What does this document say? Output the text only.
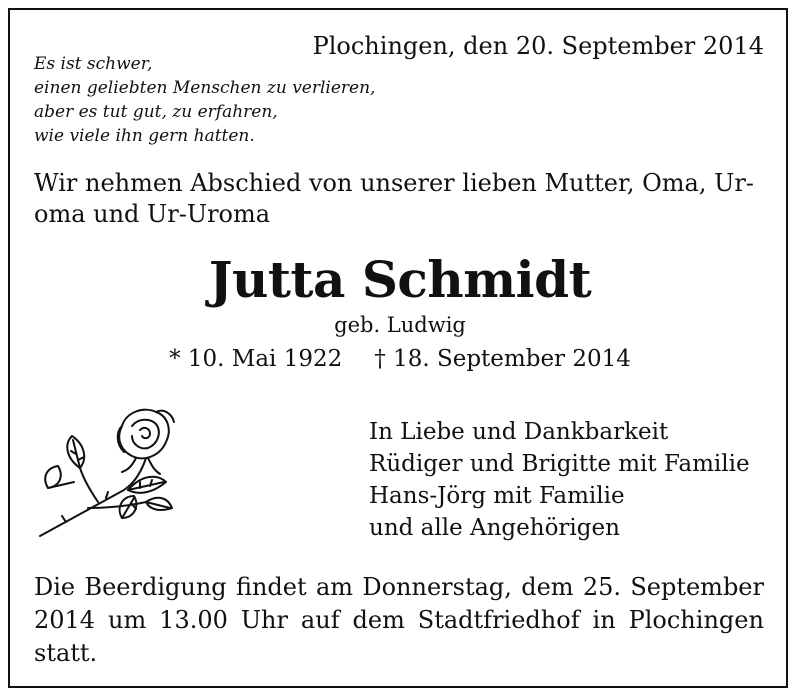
Plochingen, den 20. September 2014
Es ist schwer,
einen geliebten Menschen zu verlieren,
aber es tut gut, zu erfahren,
wie viele ihn gern hatten.
Wir nehmen Abschied von unserer lieben Mutter, Oma, Ur-
oma und Ur-Uroma
Jutta Schmidt
geb. Ludwig
* 10. Mai 1922 † 18. September 2014
In Liebe und Dankbarkeit
Rüdiger und Brigitte mit Familie
Hans-Jörg mit Familie
und alle Angehörigen
Die Beerdigung findet am Donnerstag, dem 25. September
2014 um 13.00 Uhr auf dem Stadtfriedhof in Plochingen
statt.
